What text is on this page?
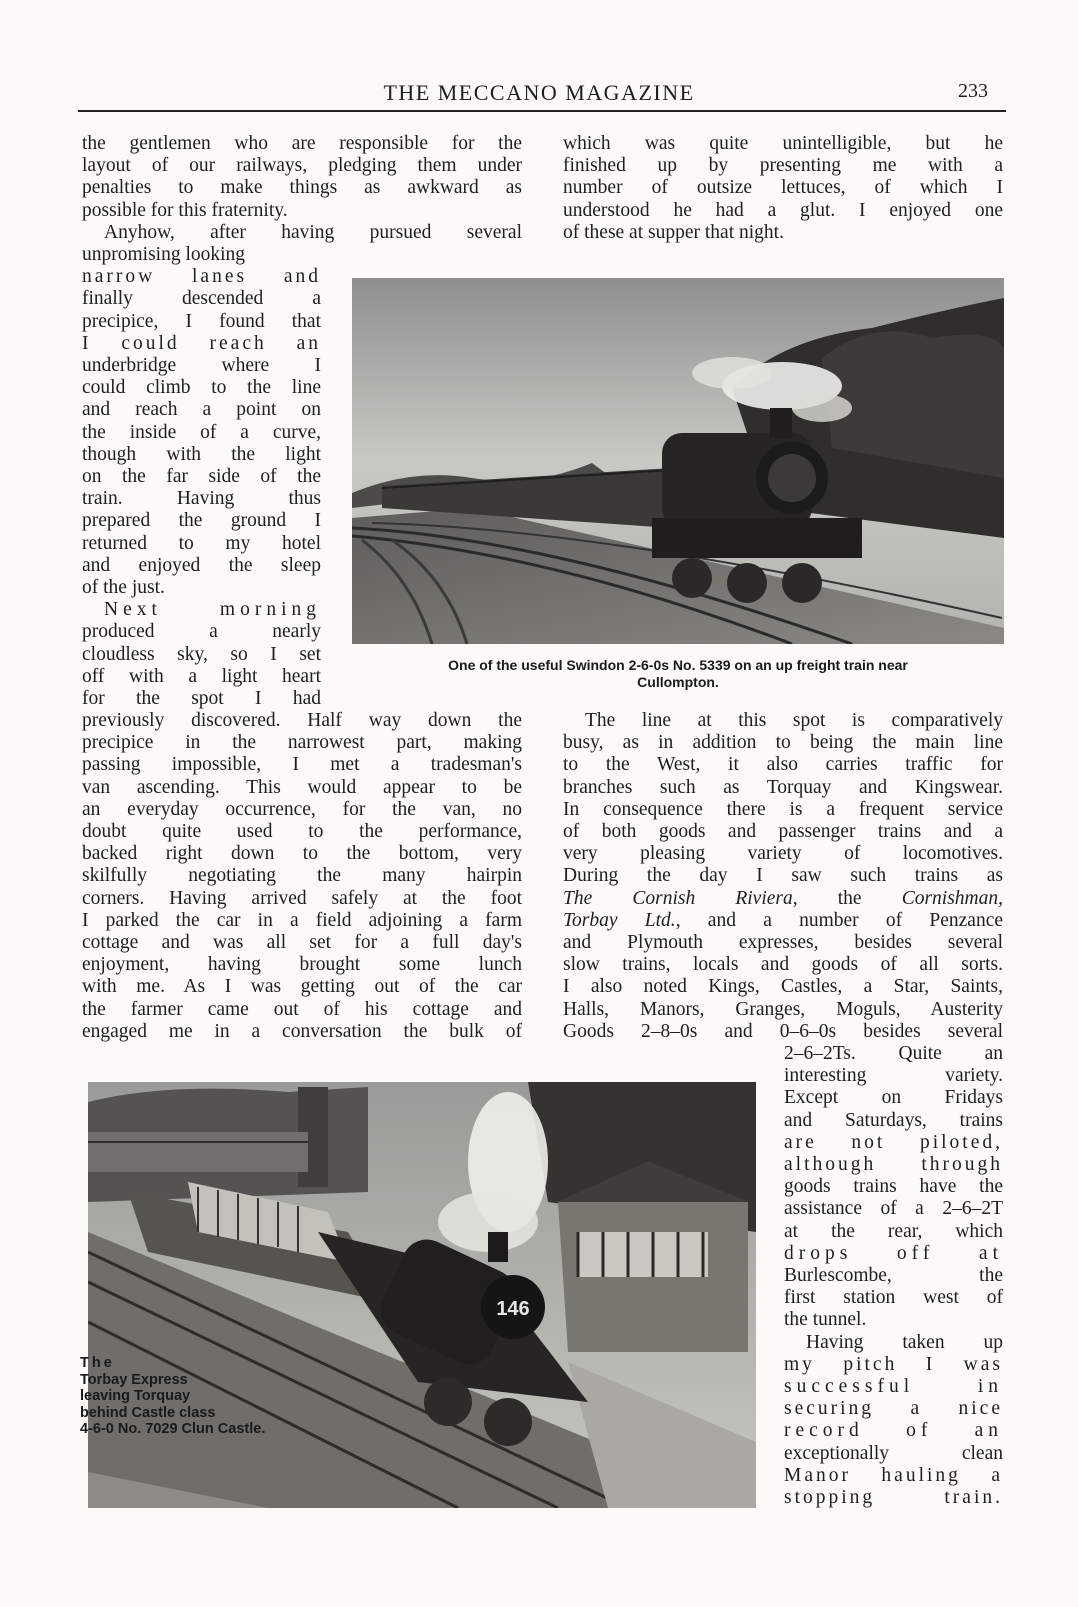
THE MECCANO MAGAZINE	233
the gentlemen who are responsible for the
layout of our railways, pledging them under
penalties to make things as awkward as
possible for this fraternity.
Anyhow, after having pursued several
unpromising looking
narrow lanes and
finally descended a
precipice, I found that
I could reach an
underbridge where I
could climb to the line
and reach a point on
the inside of a curve,
though with the light
on the far side of the
train. Having thus
prepared the ground I
returned to my hotel
and enjoyed the sleep
of the just.
Next morning
produced a nearly
cloudless sky, so I set
off with a light heart
for the spot I had
previously discovered. Half way down the
precipice in the narrowest part, making
passing impossible, I met a tradesman's
van ascending. This would appear to be
an everyday occurrence, for the van, no
doubt quite used to the performance,
backed right down to the bottom, very
skilfully negotiating the many hairpin
corners. Having arrived safely at the foot
I parked the car in a field adjoining a farm
cottage and was all set for a full day's
enjoyment, having brought some lunch
with me. As I was getting out of the car
the farmer came out of his cottage and
engaged me in a conversation the bulk of
which was quite unintelligible, but he
finished up by presenting me with a
number of outsize lettuces, of which I
understood he had a glut. I enjoyed one
of these at supper that night.
One of the useful Swindon 2-6-0s No. 5339 on an up freight train near
Cullompton.
The line at this spot is comparatively
busy, as in addition to being the main line
to the West, it also carries traffic for
branches such as Torquay and Kingswear.
In consequence there is a frequent service
of both goods and passenger trains and a
very pleasing variety of locomotives.
During the day I saw such trains as
The Cornish Riviera, the Cornishman,
Torbay Ltd., and a number of Penzance
and Plymouth expresses, besides several
slow trains, locals and goods of all sorts.
I also noted Kings, Castles, a Star, Saints,
Halls, Manors, Granges, Moguls, Austerity
Goods 2–8–0s and 0–6–0s besides several
2–6–2Ts. Quite an
interesting variety.
Except on Fridays
and Saturdays, trains
are not piloted,
although through
goods trains have the
assistance of a 2–6–2T
at the rear, which
drops off at
Burlescombe, the
first station west of
the tunnel.
Having taken up
my pitch I was
successful in
securing a nice
record of an
exceptionally clean
Manor hauling a
stopping train.
146
The
Torbay Express
leaving Torquay
behind Castle class
4-6-0 No. 7029 Clun Castle.
